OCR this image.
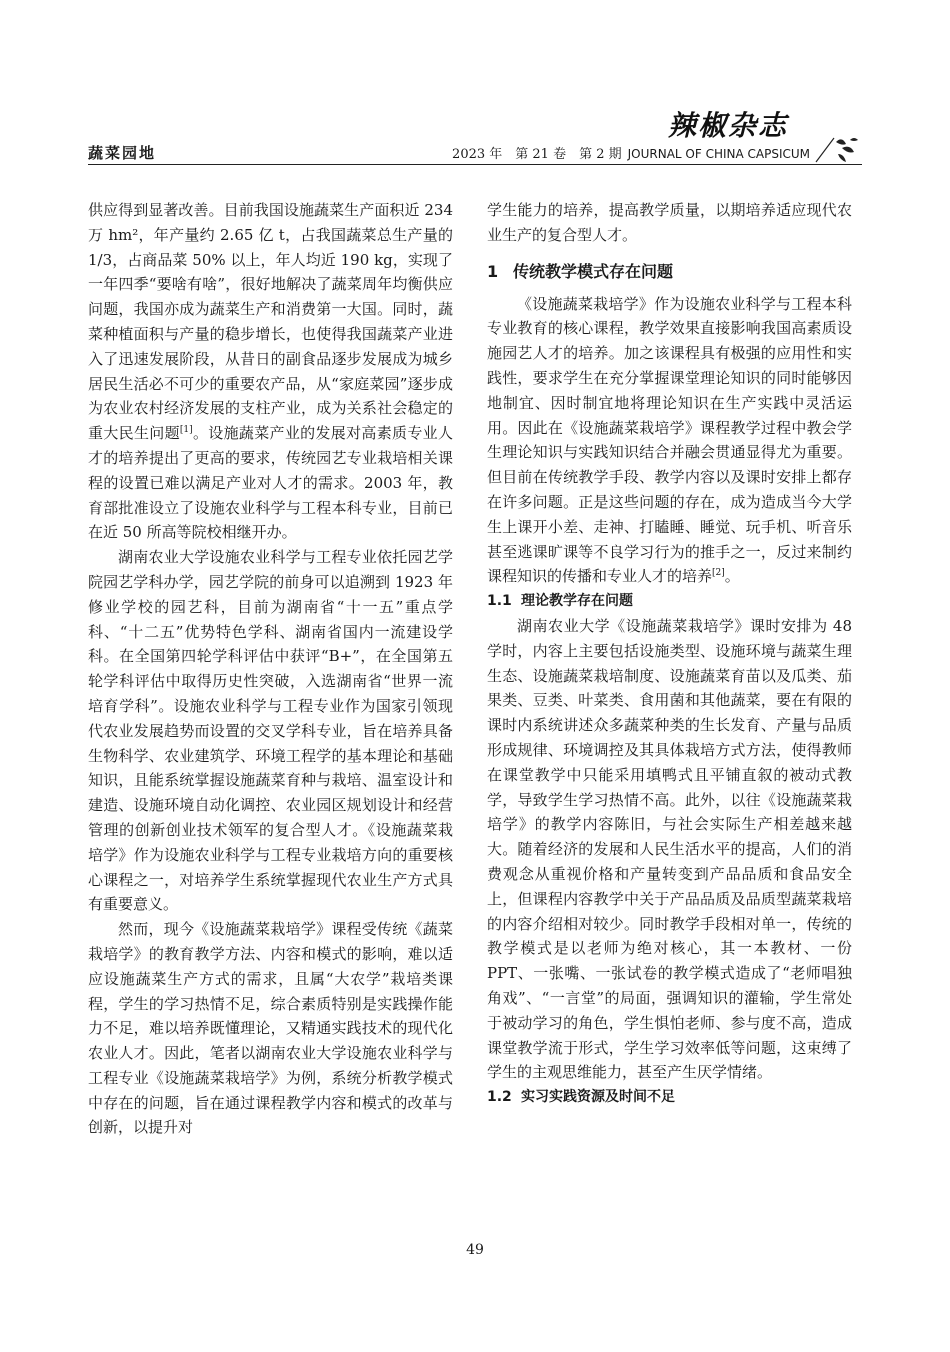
辣椒杂志
蔬菜园地	2023 年　第 21 卷　第 2 期 JOURNAL OF CHINA CAPSICUM

供应得到显著改善。目前我国设施蔬菜生产面积近 234 万 hm²，年产量约 2.65 亿 t，占我国蔬菜总生产量的 1/3，占商品菜 50% 以上，年人均近 190 kg，实现了一年四季“要啥有啥”，很好地解决了蔬菜周年均衡供应问题，我国亦成为蔬菜生产和消费第一大国。同时，蔬菜种植面积与产量的稳步增长，也使得我国蔬菜产业进入了迅速发展阶段，从昔日的副食品逐步发展成为城乡居民生活必不可少的重要农产品，从“家庭菜园”逐步成为农业农村经济发展的支柱产业，成为关系社会稳定的重大民生问题[1]。设施蔬菜产业的发展对高素质专业人才的培养提出了更高的要求，传统园艺专业栽培相关课程的设置已难以满足产业对人才的需求。2003 年，教育部批准设立了设施农业科学与工程本科专业，目前已在近 50 所高等院校相继开办。

湖南农业大学设施农业科学与工程专业依托园艺学院园艺学科办学，园艺学院的前身可以追溯到 1923 年修业学校的园艺科，目前为湖南省“十一五”重点学科、“十二五”优势特色学科、湖南省国内一流建设学科。在全国第四轮学科评估中获评“B+”，在全国第五轮学科评估中取得历史性突破，入选湖南省“世界一流培育学科”。设施农业科学与工程专业作为国家引领现代农业发展趋势而设置的交叉学科专业，旨在培养具备生物科学、农业建筑学、环境工程学的基本理论和基础知识，且能系统掌握设施蔬菜育种与栽培、温室设计和建造、设施环境自动化调控、农业园区规划设计和经营管理的创新创业技术领军的复合型人才。《设施蔬菜栽培学》作为设施农业科学与工程专业栽培方向的重要核心课程之一，对培养学生系统掌握现代农业生产方式具有重要意义。

然而，现今《设施蔬菜栽培学》课程受传统《蔬菜栽培学》的教育教学方法、内容和模式的影响，难以适应设施蔬菜生产方式的需求，且属“大农学”栽培类课程，学生的学习热情不足，综合素质特别是实践操作能力不足，难以培养既懂理论，又精通实践技术的现代化农业人才。因此，笔者以湖南农业大学设施农业科学与工程专业《设施蔬菜栽培学》为例，系统分析教学模式中存在的问题，旨在通过课程教学内容和模式的改革与创新，以提升对

学生能力的培养，提高教学质量，以期培养适应现代农业生产的复合型人才。

1 传统教学模式存在问题

《设施蔬菜栽培学》作为设施农业科学与工程本科专业教育的核心课程，教学效果直接影响我国高素质设施园艺人才的培养。加之该课程具有极强的应用性和实践性，要求学生在充分掌握课堂理论知识的同时能够因地制宜、因时制宜地将理论知识在生产实践中灵活运用。因此在《设施蔬菜栽培学》课程教学过程中教会学生理论知识与实践知识结合并融会贯通显得尤为重要。但目前在传统教学手段、教学内容以及课时安排上都存在许多问题。正是这些问题的存在，成为造成当今大学生上课开小差、走神、打瞌睡、睡觉、玩手机、听音乐甚至逃课旷课等不良学习行为的推手之一，反过来制约课程知识的传播和专业人才的培养[2]。

1.1 理论教学存在问题

湖南农业大学《设施蔬菜栽培学》课时安排为 48 学时，内容上主要包括设施类型、设施环境与蔬菜生理生态、设施蔬菜栽培制度、设施蔬菜育苗以及瓜类、茄果类、豆类、叶菜类、食用菌和其他蔬菜，要在有限的课时内系统讲述众多蔬菜种类的生长发育、产量与品质形成规律、环境调控及其具体栽培方式方法，使得教师在课堂教学中只能采用填鸭式且平铺直叙的被动式教学，导致学生学习热情不高。此外，以往《设施蔬菜栽培学》的教学内容陈旧，与社会实际生产相差越来越大。随着经济的发展和人民生活水平的提高，人们的消费观念从重视价格和产量转变到产品品质和食品安全上，但课程内容教学中关于产品品质及品质型蔬菜栽培的内容介绍相对较少。同时教学手段相对单一，传统的教学模式是以老师为绝对核心，其一本教材、一份 PPT、一张嘴、一张试卷的教学模式造成了“老师唱独角戏”、“一言堂”的局面，强调知识的灌输，学生常处于被动学习的角色，学生惧怕老师、参与度不高，造成课堂教学流于形式，学生学习效率低等问题，这束缚了学生的主观思维能力，甚至产生厌学情绪。

1.2 实习实践资源及时间不足
49
